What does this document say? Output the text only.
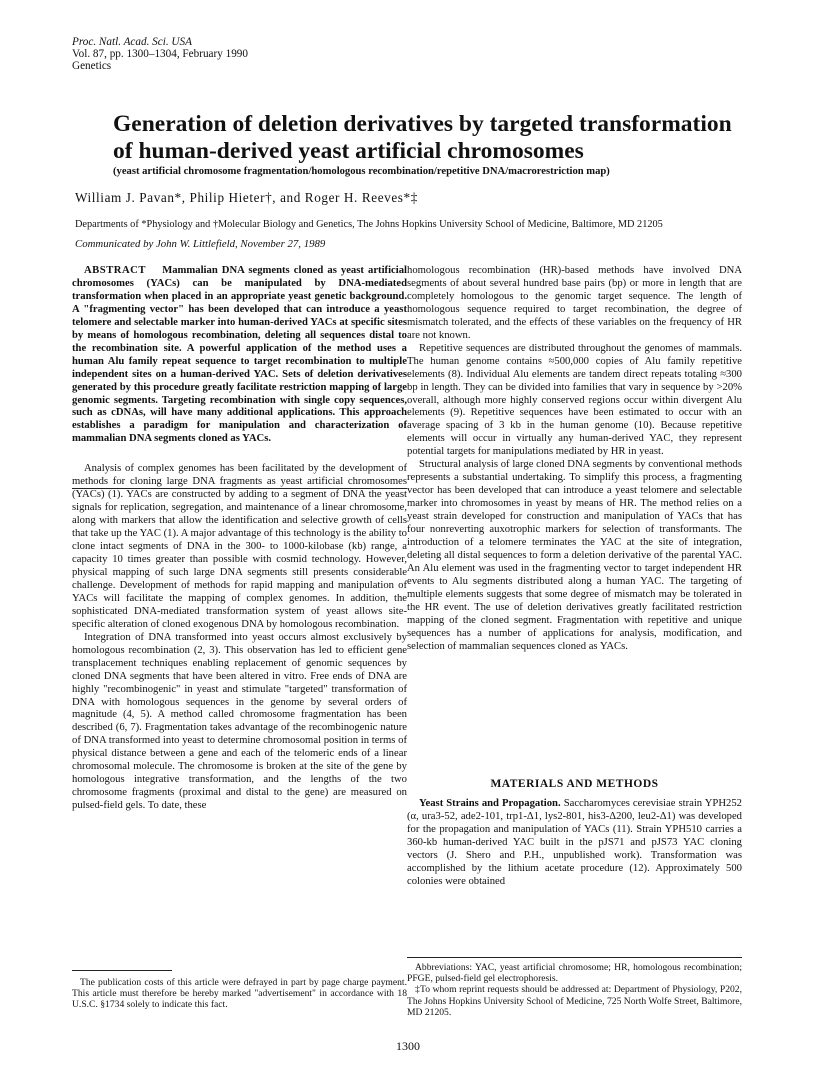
Proc. Natl. Acad. Sci. USA
Vol. 87, pp. 1300–1304, February 1990
Genetics
Generation of deletion derivatives by targeted transformation of human-derived yeast artificial chromosomes
(yeast artificial chromosome fragmentation/homologous recombination/repetitive DNA/macrorestriction map)
William J. Pavan*, Philip Hieter†, and Roger H. Reeves*‡
Departments of *Physiology and †Molecular Biology and Genetics, The Johns Hopkins University School of Medicine, Baltimore, MD 21205
Communicated by John W. Littlefield, November 27, 1989

ABSTRACT Mammalian DNA segments cloned as yeast artificial chromosomes (YACs) can be manipulated by DNA-mediated transformation when placed in an appropriate yeast genetic background. A "fragmenting vector" has been developed that can introduce a yeast telomere and selectable marker into human-derived YACs at specific sites by means of homologous recombination, deleting all sequences distal to the recombination site. A powerful application of the method uses a human Alu family repeat sequence to target recombination to multiple independent sites on a human-derived YAC. Sets of deletion derivatives generated by this procedure greatly facilitate restriction mapping of large genomic segments. Targeting recombination with single copy sequences, such as cDNAs, will have many additional applications. This approach establishes a paradigm for manipulation and characterization of mammalian DNA segments cloned as YACs.

Analysis of complex genomes has been facilitated by the development of methods for cloning large DNA fragments as yeast artificial chromosomes (YACs) (1). YACs are constructed by adding to a segment of DNA the yeast signals for replication, segregation, and maintenance of a linear chromosome, along with markers that allow the identification and selective growth of cells that take up the YAC (1). A major advantage of this technology is the ability to clone intact segments of DNA in the 300- to 1000-kilobase (kb) range, a capacity 10 times greater than possible with cosmid technology. However, physical mapping of such large DNA segments still presents considerable challenge. Development of methods for rapid mapping and manipulation of YACs will facilitate the mapping of complex genomes. In addition, the sophisticated DNA-mediated transformation system of yeast allows site-specific alteration of cloned exogenous DNA by homologous recombination.

Integration of DNA transformed into yeast occurs almost exclusively by homologous recombination (2, 3). This observation has led to efficient gene transplacement techniques enabling replacement of genomic sequences by cloned DNA segments that have been altered in vitro. Free ends of DNA are highly "recombinogenic" in yeast and stimulate "targeted" transformation of DNA with homologous sequences in the genome by several orders of magnitude (4, 5). A method called chromosome fragmentation has been described (6, 7). Fragmentation takes advantage of the recombinogenic nature of DNA transformed into yeast to determine chromosomal position in terms of physical distance between a gene and each of the telomeric ends of a linear chromosomal molecule. The chromosome is broken at the site of the gene by homologous integrative transformation, and the lengths of the two chromosome fragments (proximal and distal to the gene) are measured on pulsed-field gels. To date, these

homologous recombination (HR)-based methods have involved DNA segments of about several hundred base pairs (bp) or more in length that are completely homologous to the genomic target sequence. The length of homologous sequence required to target recombination, the degree of mismatch tolerated, and the effects of these variables on the frequency of HR are not known.

Repetitive sequences are distributed throughout the genomes of mammals. The human genome contains ≈500,000 copies of Alu family repetitive elements (8). Individual Alu elements are tandem direct repeats totaling ≈300 bp in length. They can be divided into families that vary in sequence by >20% overall, although more highly conserved regions occur within divergent Alu elements (9). Repetitive sequences have been estimated to occur with an average spacing of 3 kb in the human genome (10). Because repetitive elements will occur in virtually any human-derived YAC, they represent potential targets for manipulations mediated by HR in yeast.

Structural analysis of large cloned DNA segments by conventional methods represents a substantial undertaking. To simplify this process, a fragmenting vector has been developed that can introduce a yeast telomere and selectable marker into chromosomes in yeast by means of HR. The method relies on a yeast strain developed for construction and manipulation of YACs that has four nonreverting auxotrophic markers for selection of transformants. The introduction of a telomere terminates the YAC at the site of integration, deleting all distal sequences to form a deletion derivative of the parental YAC. An Alu element was used in the fragmenting vector to target independent HR events to Alu segments distributed along a human YAC. The targeting of multiple elements suggests that some degree of mismatch may be tolerated in the HR event. The use of deletion derivatives greatly facilitated restriction mapping of the cloned segment. Fragmentation with repetitive and unique sequences has a number of applications for analysis, modification, and selection of mammalian sequences cloned as YACs.

MATERIALS AND METHODS

Yeast Strains and Propagation. Saccharomyces cerevisiae strain YPH252 (α, ura3-52, ade2-101, trp1-Δ1, lys2-801, his3-Δ200, leu2-Δ1) was developed for the propagation and manipulation of YACs (11). Strain YPH510 carries a 360-kb human-derived YAC built in the pJS71 and pJS73 YAC cloning vectors (J. Shero and P.H., unpublished work). Transformation was accomplished by the lithium acetate procedure (12). Approximately 500 colonies were obtained

The publication costs of this article were defrayed in part by page charge payment. This article must therefore be hereby marked "advertisement" in accordance with 18 U.S.C. §1734 solely to indicate this fact.

Abbreviations: YAC, yeast artificial chromosome; HR, homologous recombination; PFGE, pulsed-field gel electrophoresis.

‡To whom reprint requests should be addressed at: Department of Physiology, P202, The Johns Hopkins University School of Medicine, 725 North Wolfe Street, Baltimore, MD 21205.

1300
